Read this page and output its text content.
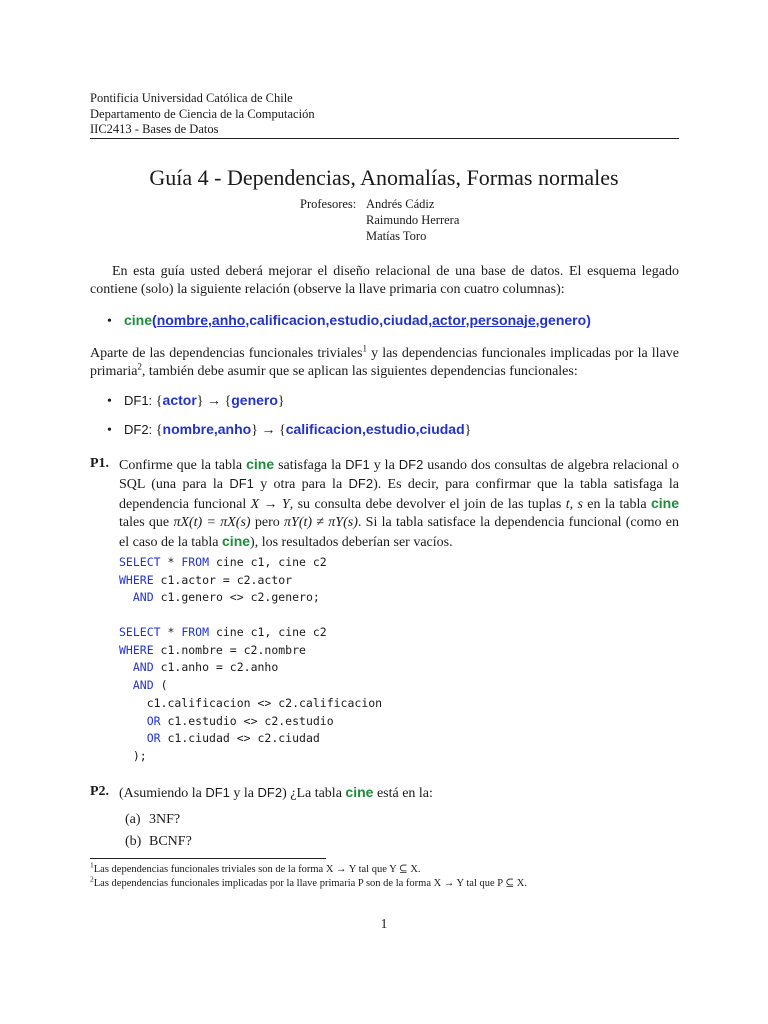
Pontificia Universidad Católica de Chile
Departamento de Ciencia de la Computación
IIC2413 - Bases de Datos
Guía 4 - Dependencias, Anomalías, Formas normales
Profesores: Andrés Cádiz
Raimundo Herrera
Matías Toro
En esta guía usted deberá mejorar el diseño relacional de una base de datos. El esquema legado contiene (solo) la siguiente relación (observe la llave primaria con cuatro columnas):
• cine(nombre,anho,calificacion,estudio,ciudad,actor,personaje,genero)
Aparte de las dependencias funcionales triviales$^1$ y las dependencias funcionales implicadas por la llave primaria$^2$, también debe asumir que se aplican las siguientes dependencias funcionales:
• DF1: {actor} → {genero}
• DF2: {nombre,anho} → {calificacion,estudio,ciudad}
P1. Confirme que la tabla cine satisfaga la DF1 y la DF2 usando dos consultas de algebra relacional o SQL (una para la DF1 y otra para la DF2). Es decir, para confirmar que la tabla satisfaga la dependencia funcional X → Y, su consulta debe devolver el join de las tuplas t, s en la tabla cine tales que πX(t) = πX(s) pero πY(t) ≠ πY(s). Si la tabla satisface la dependencia funcional (como en el caso de la tabla cine), los resultados deberían ser vacíos.
SELECT * FROM cine c1, cine c2
WHERE c1.actor = c2.actor
AND c1.genero <> c2.genero;
SELECT * FROM cine c1, cine c2
WHERE c1.nombre = c2.nombre
AND c1.anho = c2.anho
AND (
c1.calificacion <> c2.calificacion
OR c1.estudio <> c2.estudio
OR c1.ciudad <> c2.ciudad
);
P2. (Asumiendo la DF1 y la DF2) ¿La tabla cine está en la:
(a) 3NF?
(b) BCNF?
$^1$Las dependencias funcionales triviales son de la forma X → Y tal que Y ⊆ X.
$^2$Las dependencias funcionales implicadas por la llave primaria P son de la forma X → Y tal que P ⊆ X.
1
